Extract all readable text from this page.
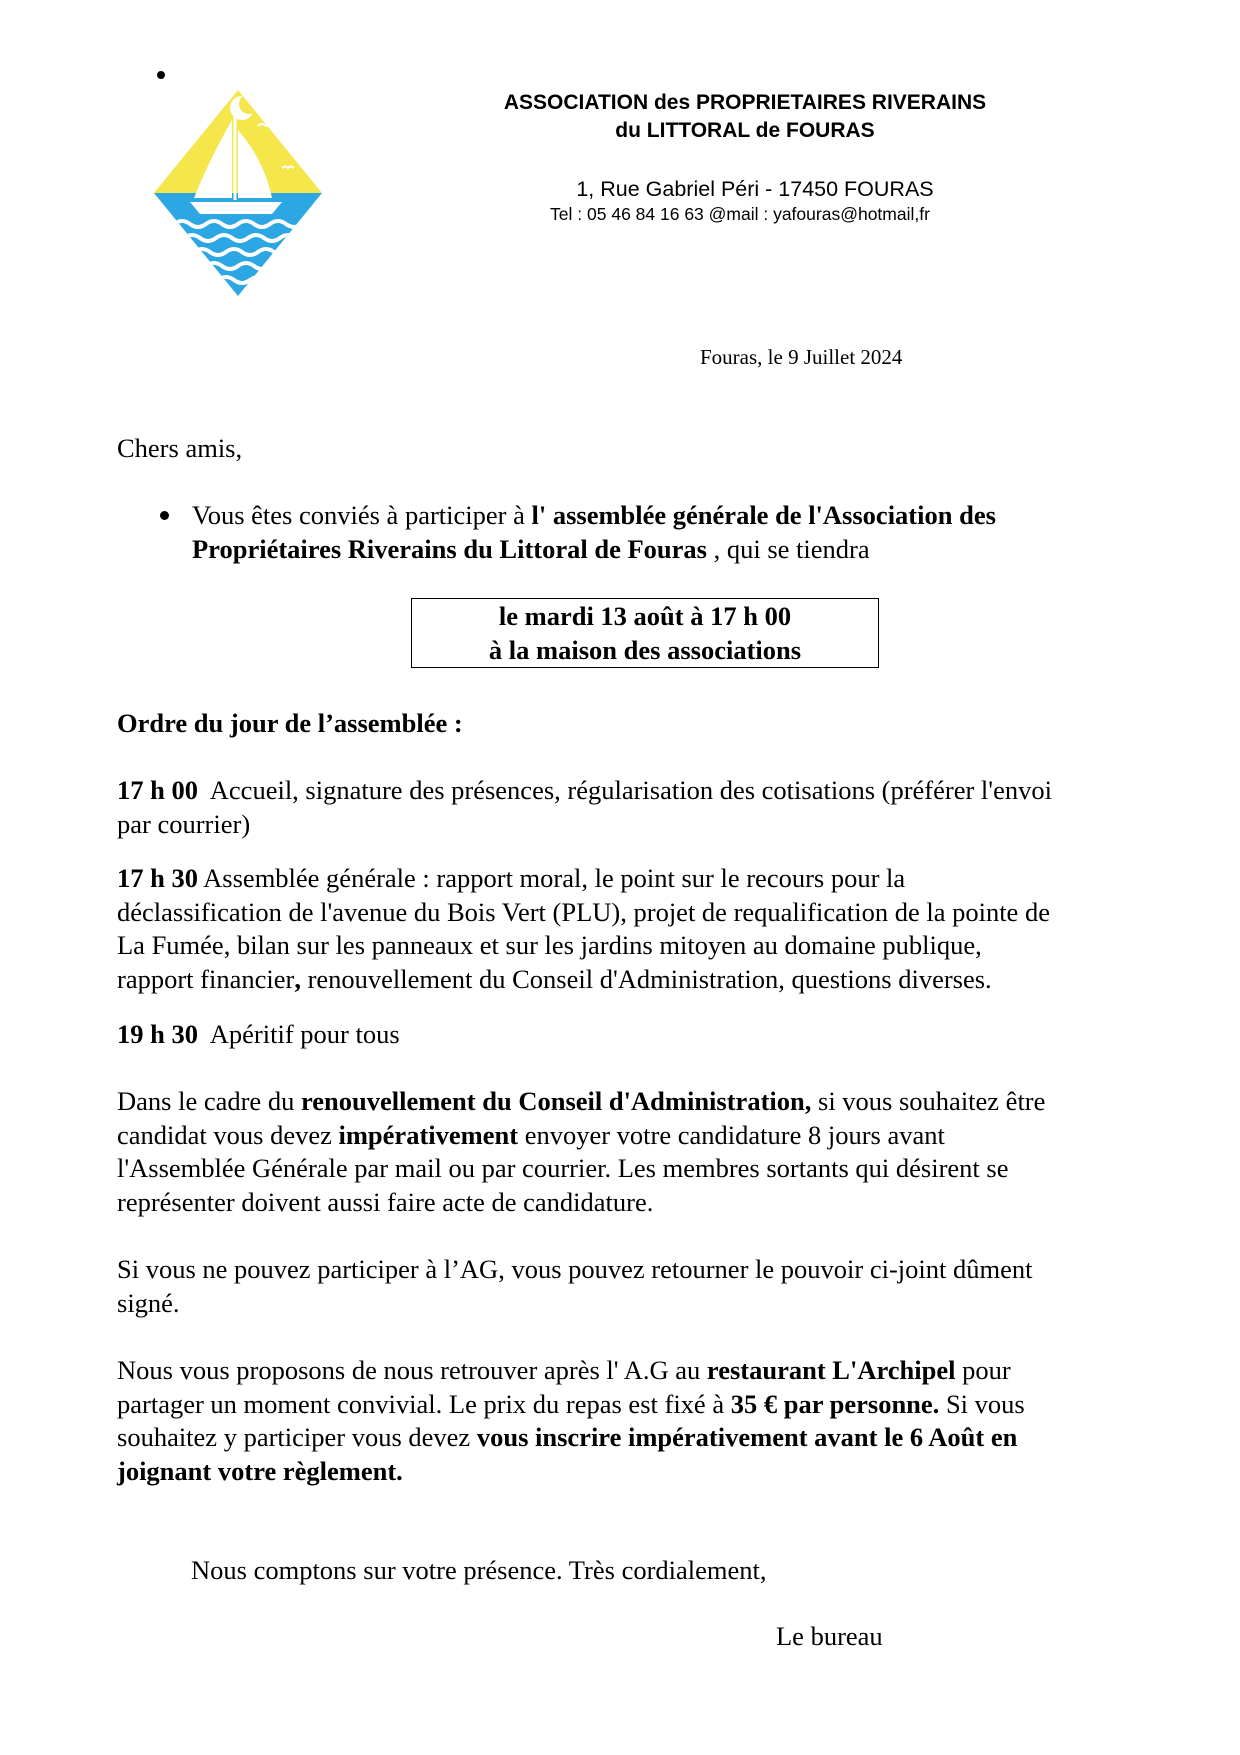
ASSOCIATION des PROPRIETAIRES RIVERAINS
du LITTORAL de FOURAS
1, Rue Gabriel Péri - 17450 FOURAS
Tel : 05 46 84 16 63 @mail : yafouras@hotmail,fr
Fouras, le 9 Juillet 2024
Chers amis,
Vous êtes conviés à participer à l' assemblée générale de l'Association des
Propriétaires Riverains du Littoral de Fouras , qui se tiendra
le mardi 13 août à 17 h 00
à la maison des associations
Ordre du jour de l’assemblée :
17 h 00  Accueil, signature des présences, régularisation des cotisations (préférer l'envoi
par courrier)
17 h 30 Assemblée générale : rapport moral, le point sur le recours pour la
déclassification de l'avenue du Bois Vert (PLU), projet de requalification de la pointe de
La Fumée, bilan sur les panneaux et sur les jardins mitoyen au domaine publique,
rapport financier, renouvellement du Conseil d'Administration, questions diverses.
19 h 30  Apéritif pour tous
Dans le cadre du renouvellement du Conseil d'Administration, si vous souhaitez être
candidat vous devez impérativement envoyer votre candidature 8 jours avant
l'Assemblée Générale par mail ou par courrier. Les membres sortants qui désirent se
représenter doivent aussi faire acte de candidature.
Si vous ne pouvez participer à l’AG, vous pouvez retourner le pouvoir ci-joint dûment
signé.
Nous vous proposons de nous retrouver après l' A.G au restaurant L'Archipel pour
partager un moment convivial. Le prix du repas est fixé à 35 € par personne. Si vous
souhaitez y participer vous devez vous inscrire impérativement avant le 6 Août en
joignant votre règlement.
Nous comptons sur votre présence. Très cordialement,
Le bureau
